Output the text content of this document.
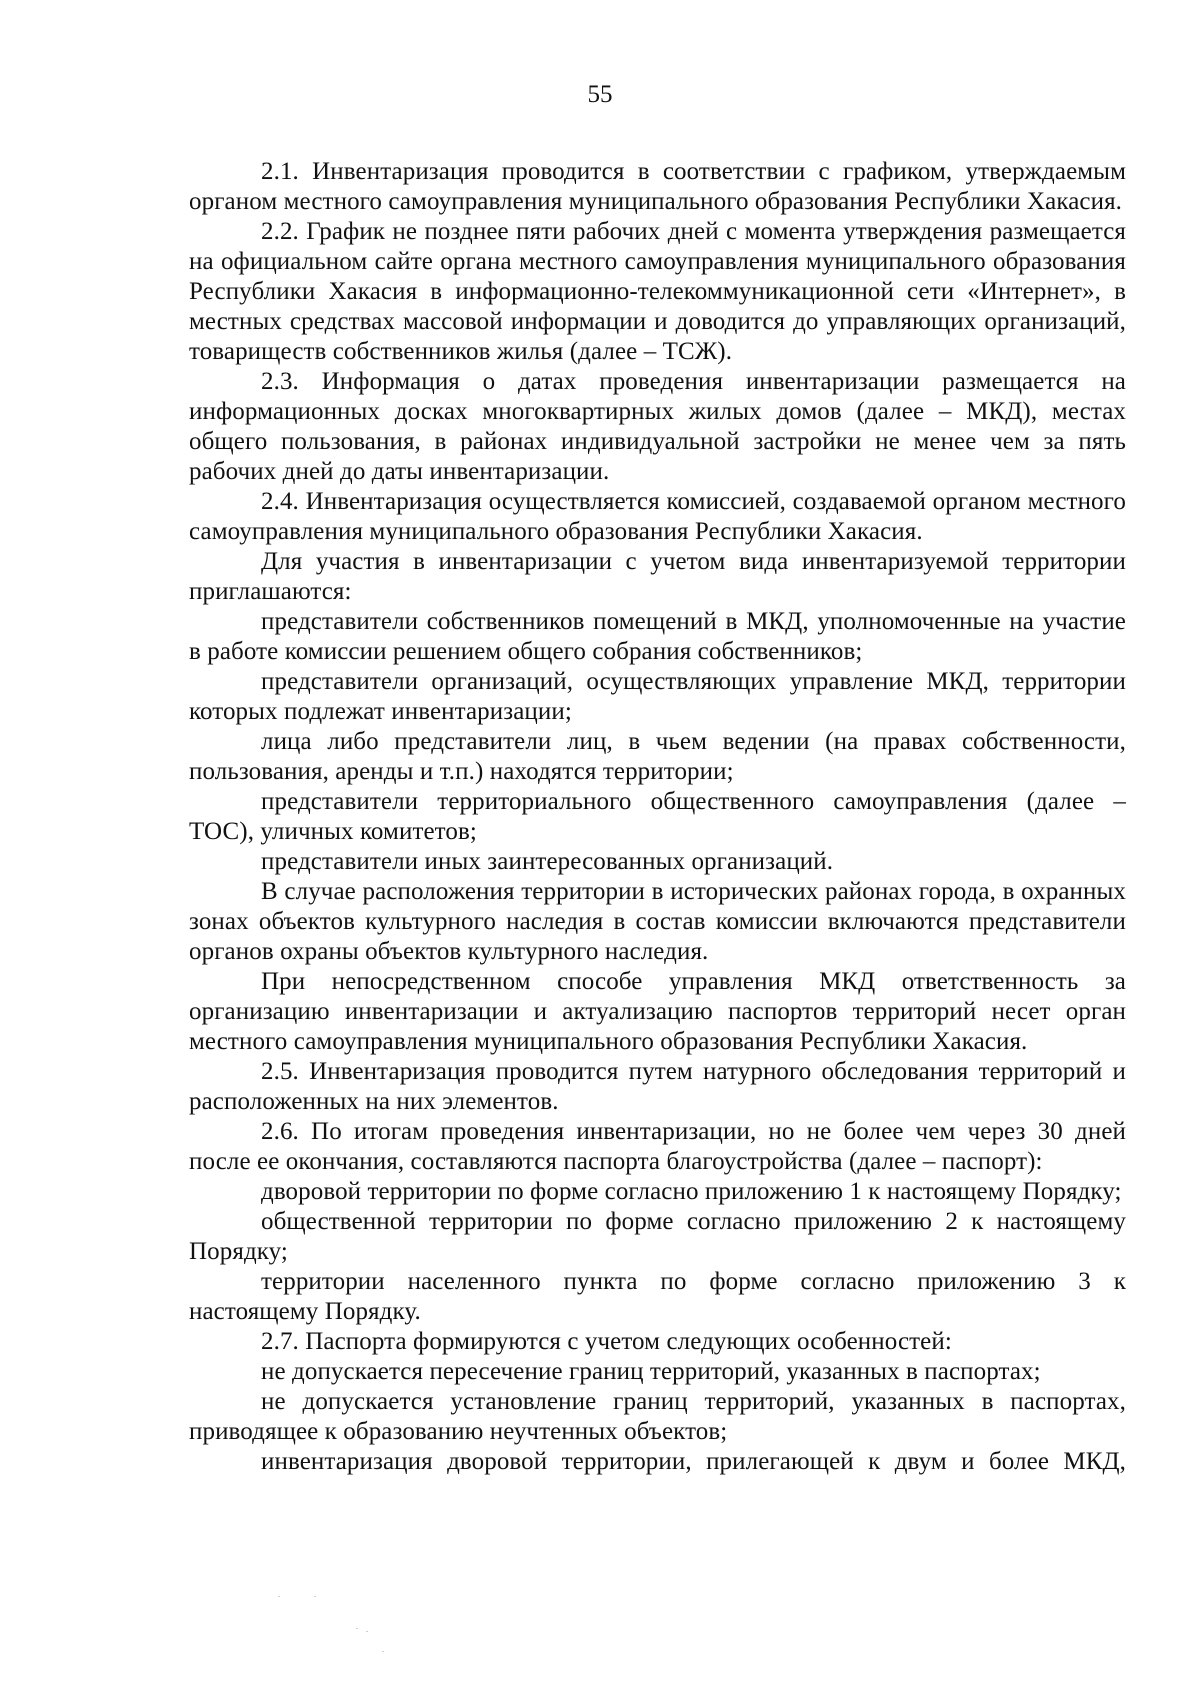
55

2.1. Инвентаризация проводится в соответствии с графиком, утверждаемым органом местного самоуправления муниципального образования Республики Хакасия.

2.2. График не позднее пяти рабочих дней с момента утверждения размещается на официальном сайте органа местного самоуправления муниципального образования Республики Хакасия в информационно-телекоммуникационной сети «Интернет», в местных средствах массовой информации и доводится до управляющих организаций, товариществ собственников жилья (далее – ТСЖ).

2.3. Информация о датах проведения инвентаризации размещается на информационных досках многоквартирных жилых домов (далее – МКД), местах общего пользования, в районах индивидуальной застройки не менее чем за пять рабочих дней до даты инвентаризации.

2.4. Инвентаризация осуществляется комиссией, создаваемой органом местного самоуправления муниципального образования Республики Хакасия.

Для участия в инвентаризации с учетом вида инвентаризуемой территории приглашаются:

представители собственников помещений в МКД, уполномоченные на участие в работе комиссии решением общего собрания собственников;

представители организаций, осуществляющих управление МКД, территории которых подлежат инвентаризации;

лица либо представители лиц, в чьем ведении (на правах собственности, пользования, аренды и т.п.) находятся территории;

представители территориального общественного самоуправления (далее – ТОС), уличных комитетов;

представители иных заинтересованных организаций.

В случае расположения территории в исторических районах города, в охранных зонах объектов культурного наследия в состав комиссии включаются представители органов охраны объектов культурного наследия.

При непосредственном способе управления МКД ответственность за организацию инвентаризации и актуализацию паспортов территорий несет орган местного самоуправления муниципального образования Республики Хакасия.

2.5. Инвентаризация проводится путем натурного обследования территорий и расположенных на них элементов.

2.6. По итогам проведения инвентаризации, но не более чем через 30 дней после ее окончания, составляются паспорта благоустройства (далее – паспорт):

дворовой территории по форме согласно приложению 1 к настоящему Порядку;

общественной территории по форме согласно приложению 2 к настоящему Порядку;

территории населенного пункта по форме согласно приложению 3 к настоящему Порядку.

2.7. Паспорта формируются с учетом следующих особенностей:

не допускается пересечение границ территорий, указанных в паспортах;

не допускается установление границ территорий, указанных в паспортах, приводящее к образованию неучтенных объектов;

инвентаризация дворовой территории, прилегающей к двум и более МКД,
